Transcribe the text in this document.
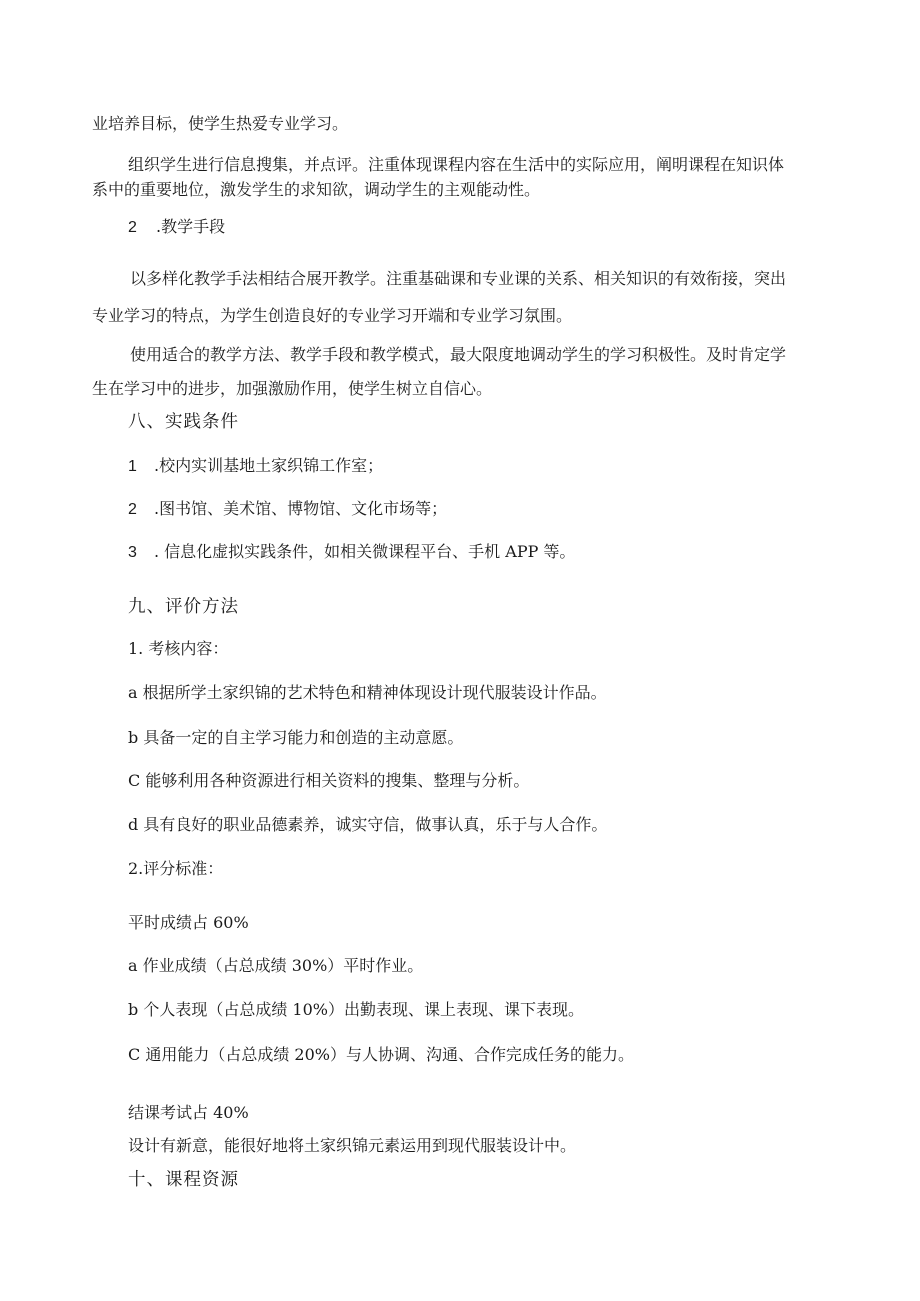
业培养目标，使学生热爱专业学习。
组织学生进行信息搜集，并点评。注重体现课程内容在生活中的实际应用，阐明课程在知识体
系中的重要地位，激发学生的求知欲，调动学生的主观能动性。
2 .教学手段
以多样化教学手法相结合展开教学。注重基础课和专业课的关系、相关知识的有效衔接，突出
专业学习的特点，为学生创造良好的专业学习开端和专业学习氛围。
使用适合的教学方法、教学手段和教学模式，最大限度地调动学生的学习积极性。及时肯定学
生在学习中的进步，加强激励作用，使学生树立自信心。
八、实践条件
1 .校内实训基地土家织锦工作室；
2 .图书馆、美术馆、博物馆、文化市场等；
3 . 信息化虚拟实践条件，如相关微课程平台、手机 APP 等。
九、评价方法
1. 考核内容：
a 根据所学土家织锦的艺术特色和精神体现设计现代服装设计作品。
b 具备一定的自主学习能力和创造的主动意愿。
C 能够利用各种资源进行相关资料的搜集、整理与分析。
d 具有良好的职业品德素养，诚实守信，做事认真，乐于与人合作。
2.评分标准：
平时成绩占 60%
a 作业成绩（占总成绩 30%）平时作业。
b 个人表现（占总成绩 10%）出勤表现、课上表现、课下表现。
C 通用能力（占总成绩 20%）与人协调、沟通、合作完成任务的能力。
结课考试占 40%
设计有新意，能很好地将土家织锦元素运用到现代服装设计中。
十、课程资源
